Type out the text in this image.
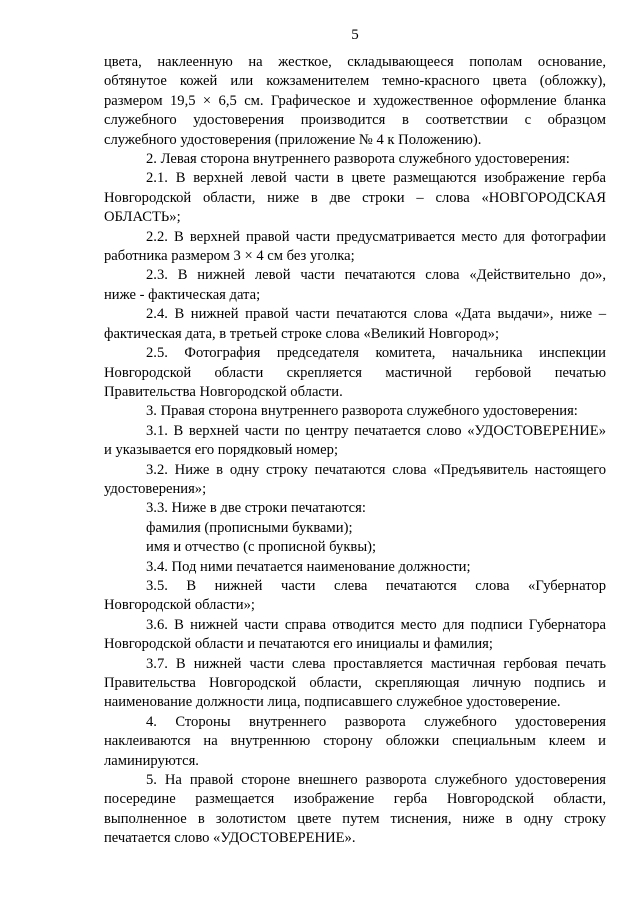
5
цвета, наклеенную на жесткое, складывающееся пополам основание,
обтянутое кожей или кожзаменителем темно-красного цвета (обложку),
размером 19,5 × 6,5 см. Графическое и художественное оформление бланка
служебного удостоверения производится в соответствии с образцом
служебного удостоверения (приложение № 4 к Положению).
2. Левая сторона внутреннего разворота служебного удостоверения:
2.1. В верхней левой части в цвете размещаются изображение герба
Новгородской области, ниже в две строки – слова «НОВГОРОДСКАЯ
ОБЛАСТЬ»;
2.2. В верхней правой части предусматривается место для фотографии
работника размером 3 × 4 см без уголка;
2.3. В нижней левой части печатаются слова «Действительно до»,
ниже - фактическая дата;
2.4. В нижней правой части печатаются слова «Дата выдачи», ниже –
фактическая дата, в третьей строке слова «Великий Новгород»;
2.5. Фотография председателя комитета, начальника инспекции
Новгородской области скрепляется мастичной гербовой печатью
Правительства Новгородской области.
3. Правая сторона внутреннего разворота служебного удостоверения:
3.1. В верхней части по центру печатается слово «УДОСТОВЕРЕНИЕ»
и указывается его порядковый номер;
3.2. Ниже в одну строку печатаются слова «Предъявитель настоящего
удостоверения»;
3.3. Ниже в две строки печатаются:
фамилия (прописными буквами);
имя и отчество (с прописной буквы);
3.4. Под ними печатается наименование должности;
3.5. В нижней части слева печатаются слова «Губернатор
Новгородской области»;
3.6. В нижней части справа отводится место для подписи Губернатора
Новгородской области и печатаются его инициалы и фамилия;
3.7. В нижней части слева проставляется мастичная гербовая печать
Правительства Новгородской области, скрепляющая личную подпись и
наименование должности лица, подписавшего служебное удостоверение.
4. Стороны внутреннего разворота служебного удостоверения
наклеиваются на внутреннюю сторону обложки специальным клеем и
ламинируются.
5. На правой стороне внешнего разворота служебного удостоверения
посередине размещается изображение герба Новгородской области,
выполненное в золотистом цвете путем тиснения, ниже в одну строку
печатается слово «УДОСТОВЕРЕНИЕ».
